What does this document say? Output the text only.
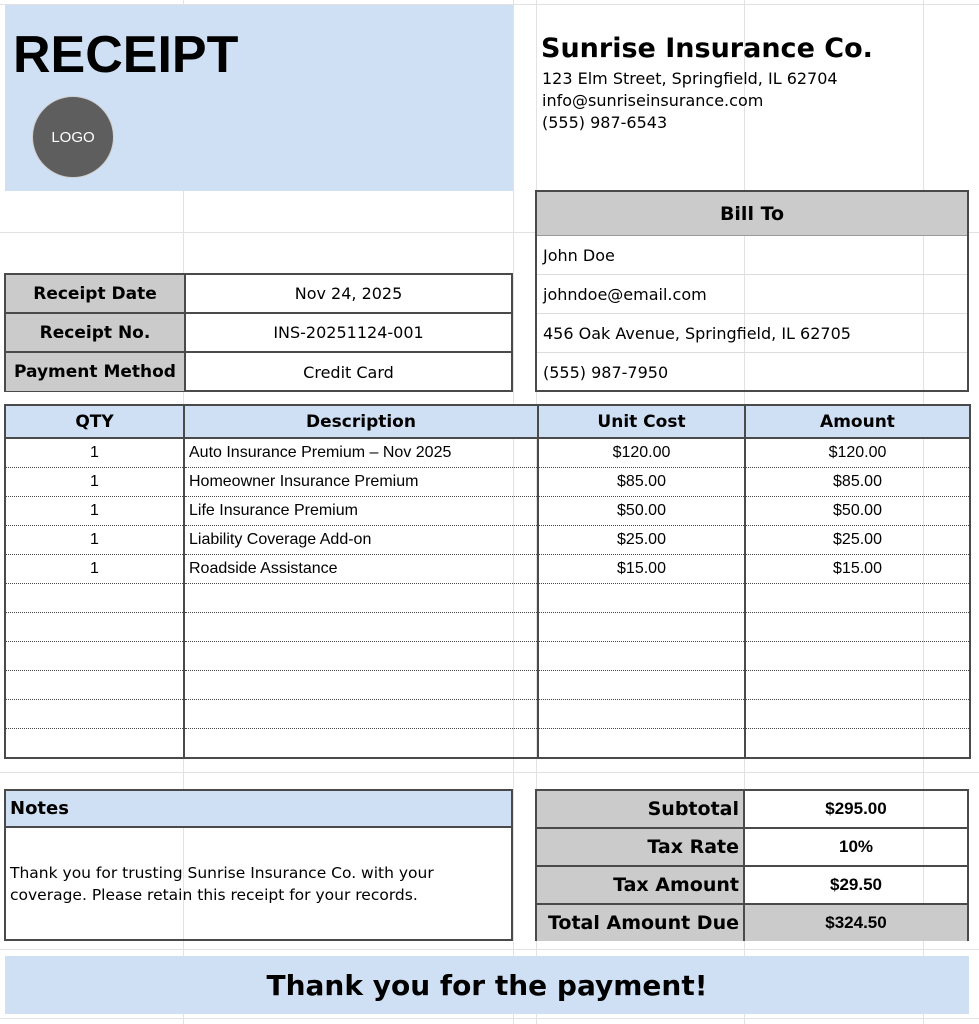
RECEIPT
LOGO
Sunrise Insurance Co.
123 Elm Street, Springfield, IL 62704
info@sunriseinsurance.com
(555) 987-6543
Bill To
John Doe
johndoe@email.com
456 Oak Avenue, Springfield, IL 62705
(555) 987-7950
Receipt Date	Nov 24, 2025
Receipt No.	INS-20251124-001
Payment Method	Credit Card
QTY	Description	Unit Cost	Amount
1	Auto Insurance Premium – Nov 2025	$120.00	$120.00
1	Homeowner Insurance Premium	$85.00	$85.00
1	Life Insurance Premium	$50.00	$50.00
1	Liability Coverage Add-on	$25.00	$25.00
1	Roadside Assistance	$15.00	$15.00

Notes
Thank you for trusting Sunrise Insurance Co. with your coverage. Please retain this receipt for your records.
Subtotal	$295.00
Tax Rate	10%
Tax Amount	$29.50
Total Amount Due	$324.50
Thank you for the payment!
